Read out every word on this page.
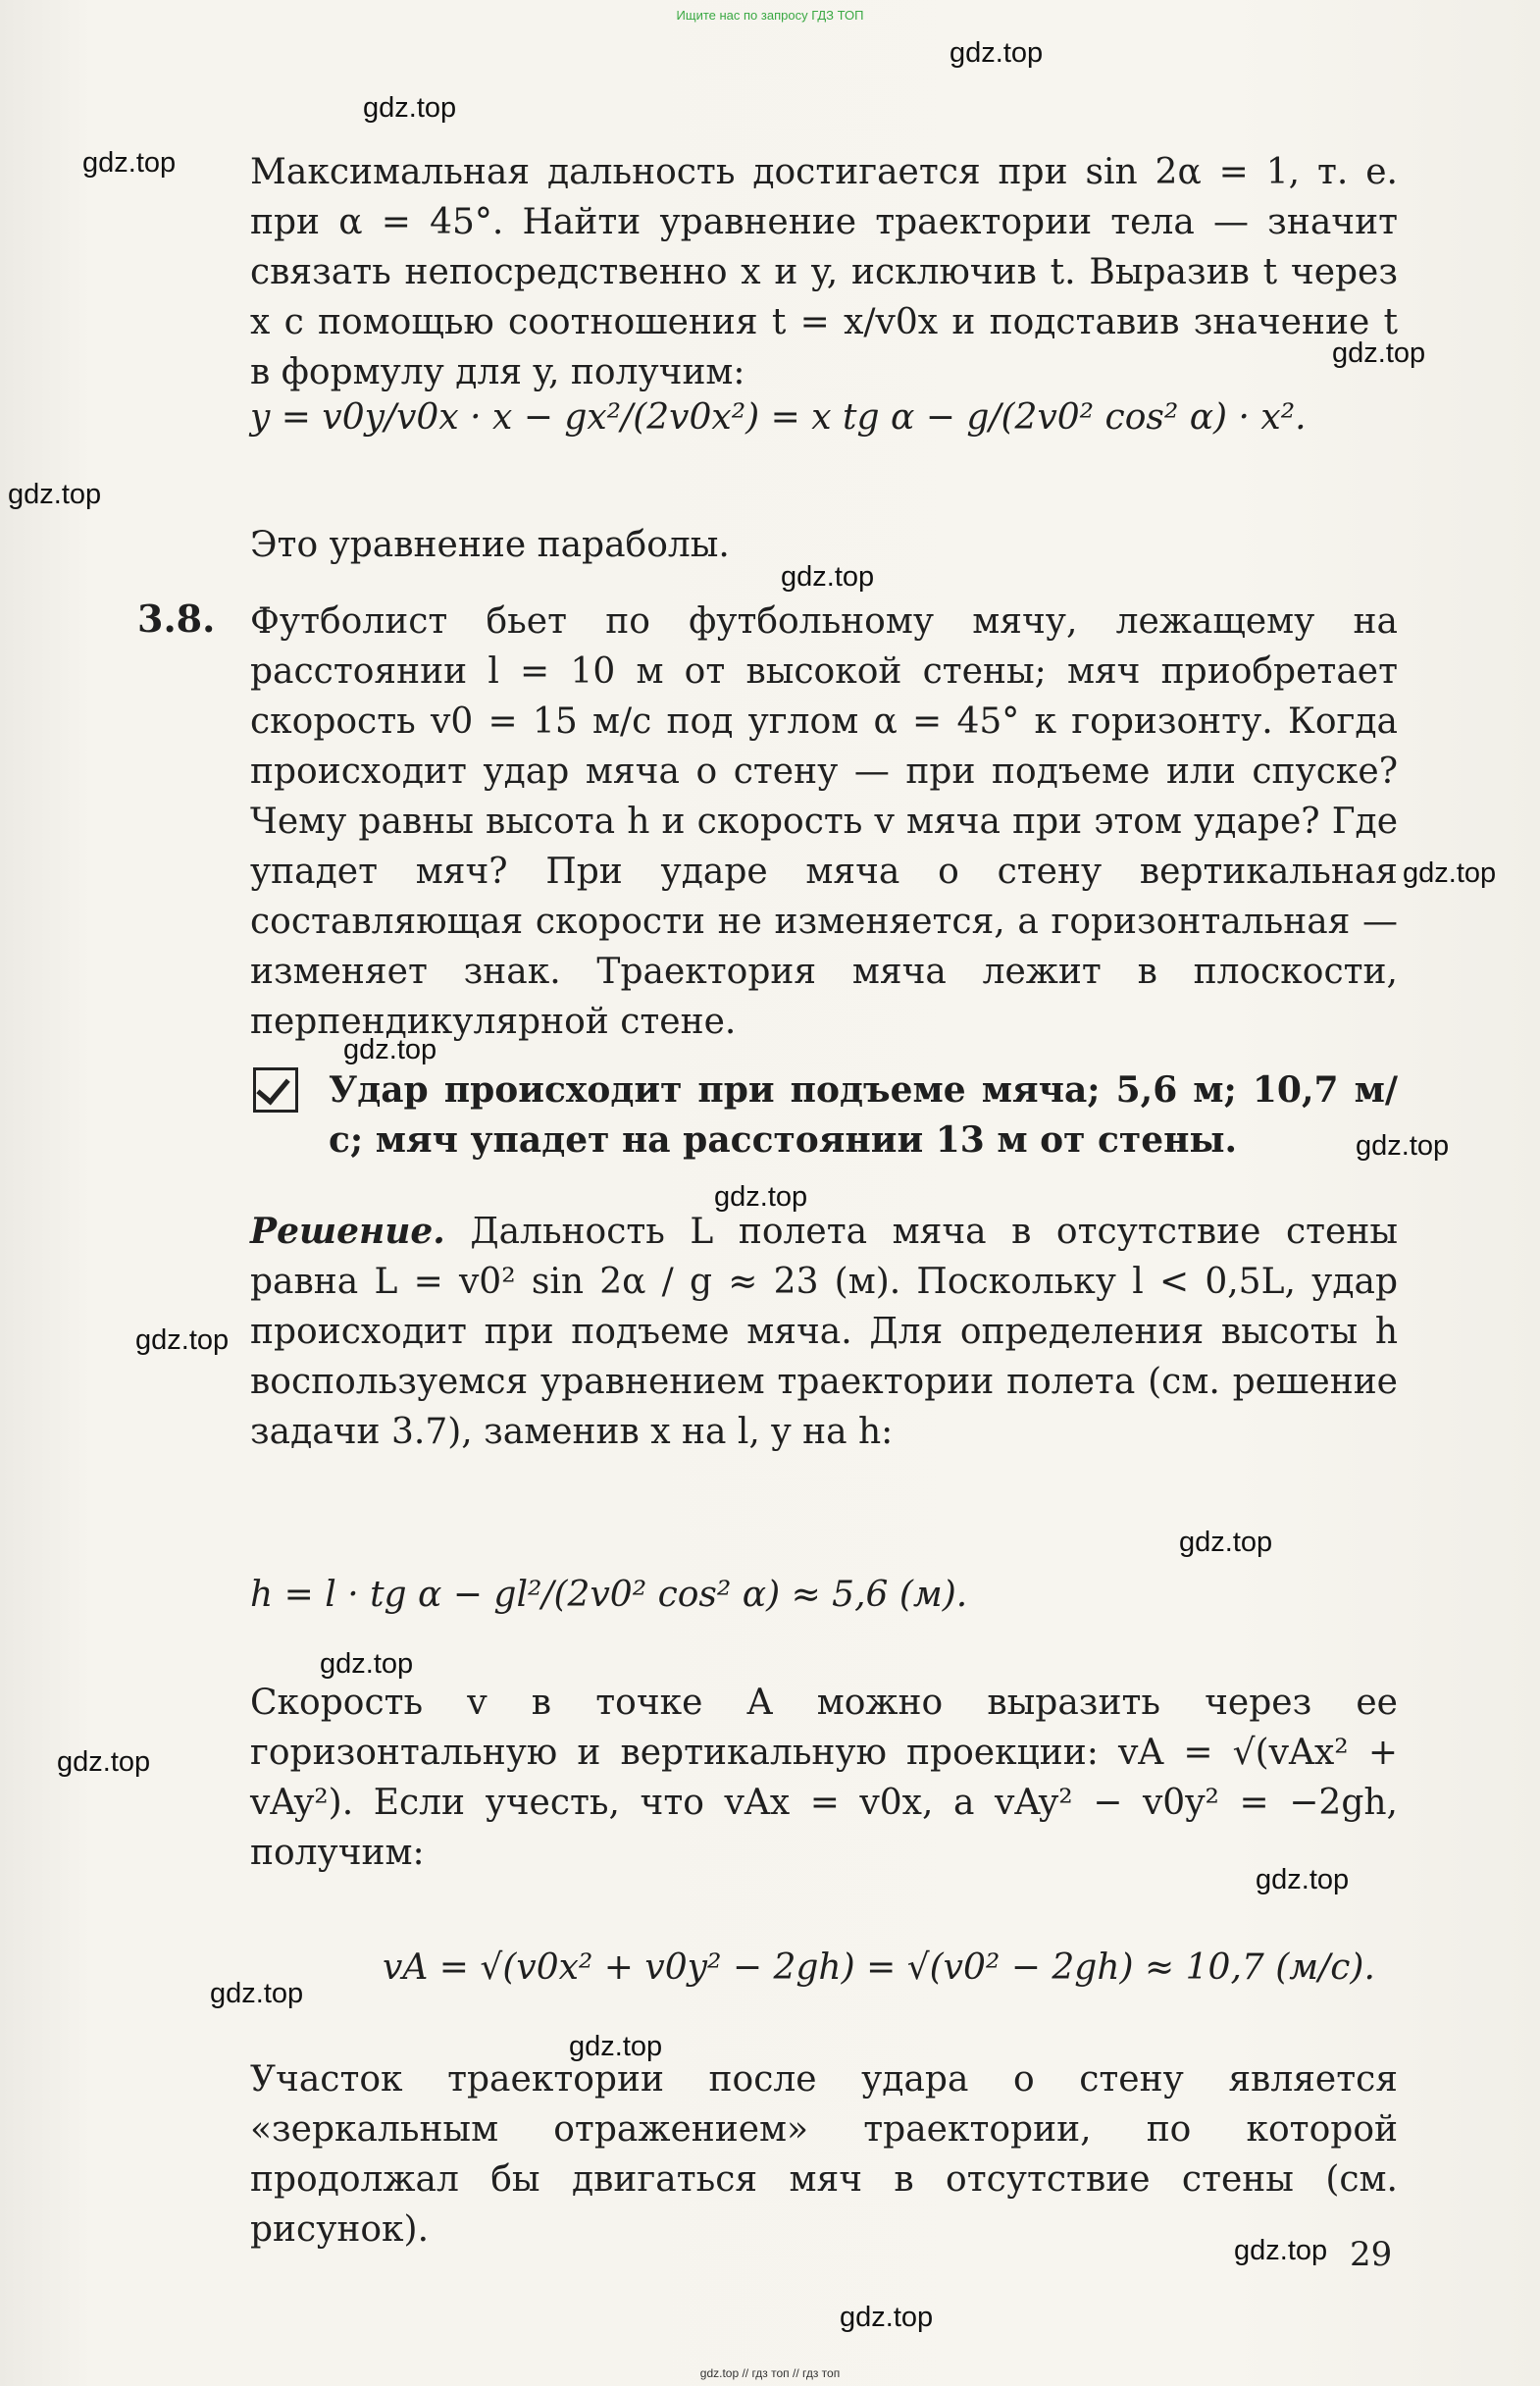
Ищите нас по запросу ГДЗ ТОП
gdz.top
gdz.top
gdz.top
gdz.top
gdz.top
gdz.top
gdz.top
gdz.top
gdz.top
gdz.top
gdz.top
gdz.top
gdz.top
gdz.top
gdz.top
gdz.top
gdz.top
gdz.top
gdz.top

Максимальная дальность достигается при sin 2α = 1, т. е. при α = 45°. Найти уравнение траектории тела — значит связать непосредственно x и y, исключив t. Выразив t через x с помощью соотношения t = x/v0x и подставив значение t в формулу для y, получим:

y = v0y/v0x · x − gx²/(2v0x²) = x tg α − g/(2v0² cos² α) · x².

Это уравнение параболы.

3.8. Футболист бьет по футбольному мячу, лежащему на расстоянии l = 10 м от высокой стены; мяч приобретает скорость v0 = 15 м/с под углом α = 45° к горизонту. Когда происходит удар мяча о стену — при подъеме или спуске? Чему равны высота h и скорость v мяча при этом ударе? Где упадет мяч? При ударе мяча о стену вертикальная составляющая скорости не изменяется, а горизонтальная — изменяет знак. Траектория мяча лежит в плоскости, перпендикулярной стене.

Удар происходит при подъеме мяча; 5,6 м; 10,7 м/с; мяч упадет на расстоянии 13 м от стены.

Решение. Дальность L полета мяча в отсутствие стены равна L = v0² sin 2α / g ≈ 23 (м). Поскольку l < 0,5L, удар происходит при подъеме мяча. Для определения высоты h воспользуемся уравнением траектории полета (см. решение задачи 3.7), заменив x на l, y на h:

h = l · tg α − gl²/(2v0² cos² α) ≈ 5,6 (м).

Скорость v в точке A можно выразить через ее горизонтальную и вертикальную проекции: vA = √(vAx² + vAy²). Если учесть, что vAx = v0x, а vAy² − v0y² = −2gh, получим:

vA = √(v0x² + v0y² − 2gh) = √(v0² − 2gh) ≈ 10,7 (м/с).

Участок траектории после удара о стену является «зеркальным отражением» траектории, по которой продолжал бы двигаться мяч в отсутствие стены (см. рисунок).

29
gdz.top // гдз топ // гдз топ
